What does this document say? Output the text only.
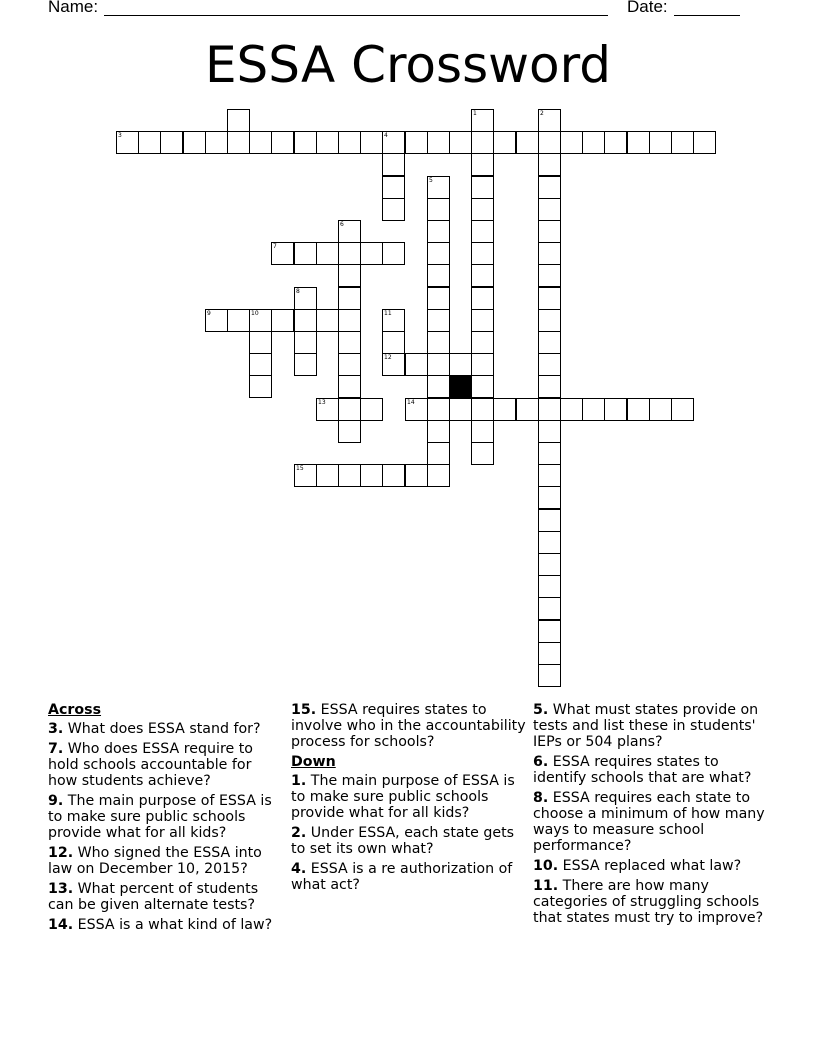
Name:	Date:
ESSA Crossword
2
3	4
5
6
7
8
9	10	11
12
13	14
15
1
Across
3. What does ESSA stand for?
7. Who does ESSA require to hold schools accountable for how students achieve?
9. The main purpose of ESSA is to make sure public schools provide what for all kids?
12. Who signed the ESSA into law on December 10, 2015?
13. What percent of students can be given alternate tests?
14. ESSA is a what kind of law?
15. ESSA requires states to involve who in the accountability process for schools?
Down
1. The main purpose of ESSA is to make sure public schools provide what for all kids?
2. Under ESSA, each state gets to set its own what?
4. ESSA is a re authorization of what act?
5. What must states provide on tests and list these in students' IEPs or 504 plans?
6. ESSA requires states to identify schools that are what?
8. ESSA requires each state to choose a minimum of how many ways to measure school performance?
10. ESSA replaced what law?
11. There are how many categories of struggling schools that states must try to improve?
